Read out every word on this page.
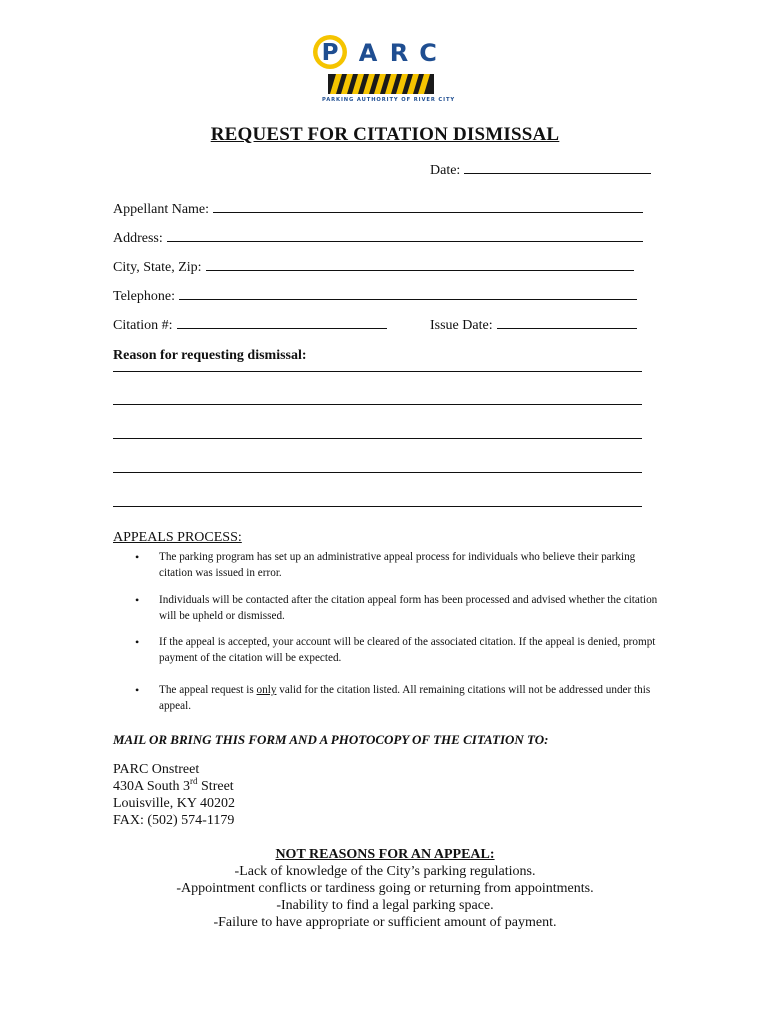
P A R C
PARKING AUTHORITY OF RIVER CITY
REQUEST FOR CITATION DISMISSAL
Date:
Appellant Name:
Address:
City, State, Zip:
Telephone:
Citation #:	Issue Date:
Reason for requesting dismissal:
APPEALS PROCESS:
• The parking program has set up an administrative appeal process for individuals who believe their parking citation was issued in error.
• Individuals will be contacted after the citation appeal form has been processed and advised whether the citation will be upheld or dismissed.
• If the appeal is accepted, your account will be cleared of the associated citation. If the appeal is denied, prompt payment of the citation will be expected.
• The appeal request is only valid for the citation listed. All remaining citations will not be addressed under this appeal.
MAIL OR BRING THIS FORM AND A PHOTOCOPY OF THE CITATION TO:
PARC Onstreet
430A South 3rd Street
Louisville, KY 40202
FAX: (502) 574-1179
NOT REASONS FOR AN APPEAL:
-Lack of knowledge of the City’s parking regulations.
-Appointment conflicts or tardiness going or returning from appointments.
-Inability to find a legal parking space.
-Failure to have appropriate or sufficient amount of payment.
